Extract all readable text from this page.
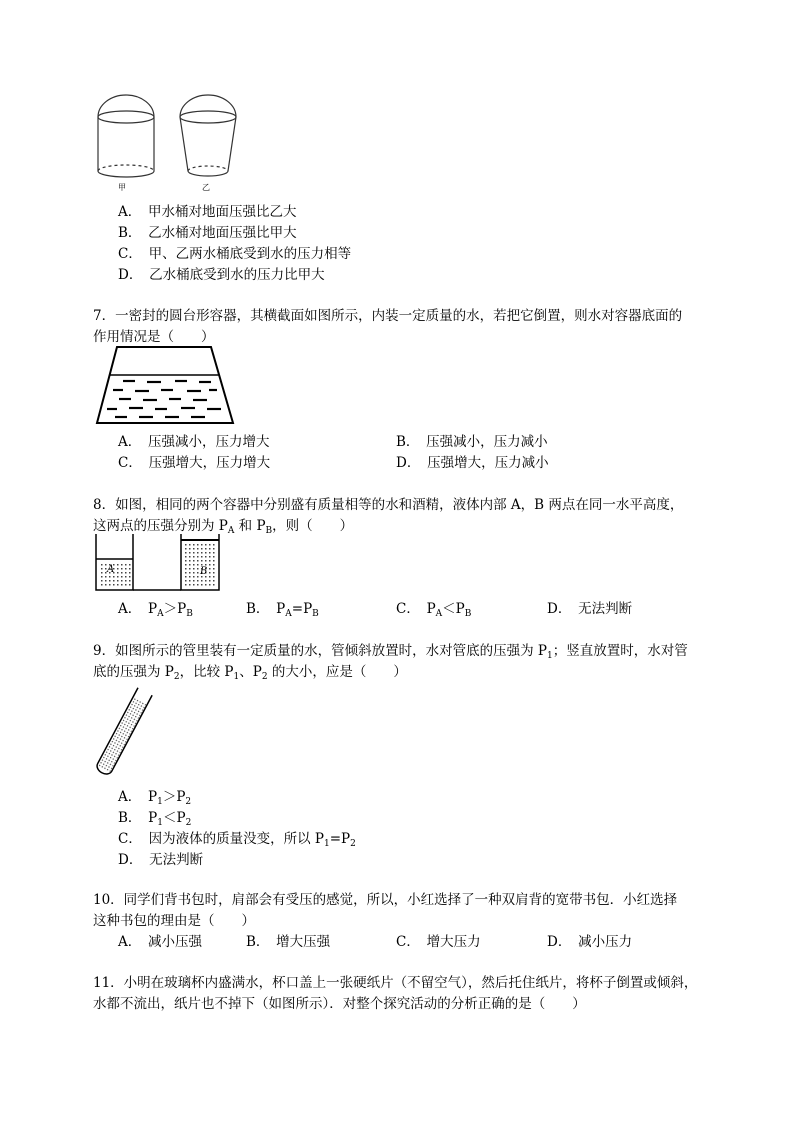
甲	乙
A．　甲水桶对地面压强比乙大
B．　乙水桶对地面压强比甲大
C．　甲、乙两水桶底受到水的压力相等
D．　乙水桶底受到水的压力比甲大
7．一密封的圆台形容器，其横截面如图所示，内装一定质量的水，若把它倒置，则水对容器底面的
作用情况是（　　）
A．　压强减小，压力增大	B．　压强减小，压力减小
C．　压强增大，压力增大	D．　压强增大，压力减小
8．如图，相同的两个容器中分别盛有质量相等的水和酒精，液体内部 A，B 两点在同一水平高度，
这两点的压强分别为 $P_A$ 和 $P_B$，则（　　）
A	B
A．　$P_A>P_B$	B．　$P_A=P_B$	C．　$P_A<P_B$	D．　无法判断
9．如图所示的管里装有一定质量的水，管倾斜放置时，水对管底的压强为 $P_1$；竖直放置时，水对管
底的压强为 $P_2$，比较 $P_1$、$P_2$ 的大小，应是（　　）
A．　$P_1>P_2$
B．　$P_1<P_2$
C．　因为液体的质量没变，所以 $P_1=P_2$
D．　无法判断
10．同学们背书包时，肩部会有受压的感觉，所以，小红选择了一种双肩背的宽带书包．小红选择
这种书包的理由是（　　）
A．　减小压强	B．　增大压强	C．　增大压力	D．　减小压力
11．小明在玻璃杯内盛满水，杯口盖上一张硬纸片（不留空气），然后托住纸片，将杯子倒置或倾斜，
水都不流出，纸片也不掉下（如图所示）．对整个探究活动的分析正确的是（　　）
